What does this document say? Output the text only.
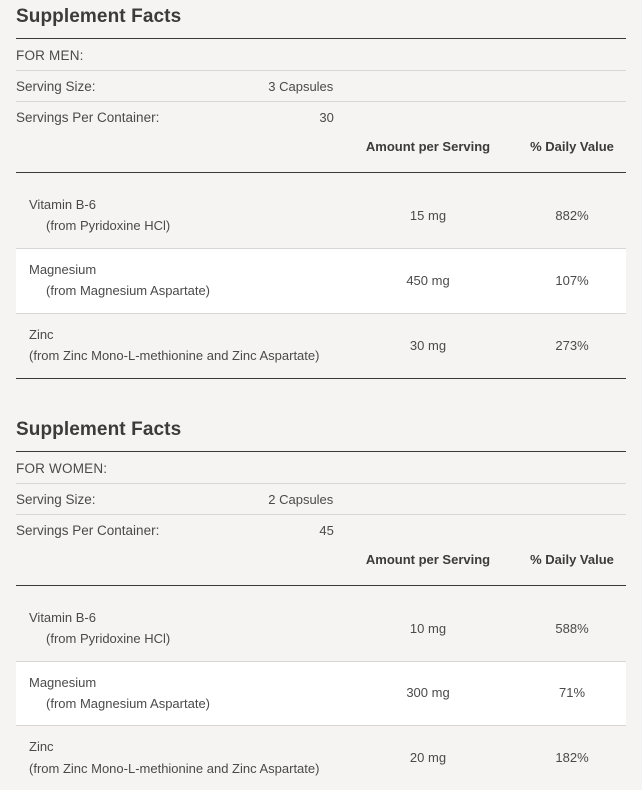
Supplement Facts
FOR MEN:
Serving Size:	3 Capsules
Servings Per Container:	30
	Amount per Serving	% Daily Value

Vitamin B-6
(from Pyridoxine HCl)	15 mg	882%

Magnesium
(from Magnesium Aspartate)	450 mg	107%

Zinc
(from Zinc Mono-L-methionine and Zinc Aspartate)	30 mg	273%
Supplement Facts
FOR WOMEN:
Serving Size:	2 Capsules
Servings Per Container:	45
	Amount per Serving	% Daily Value

Vitamin B-6
(from Pyridoxine HCl)	10 mg	588%

Magnesium
(from Magnesium Aspartate)	300 mg	71%

Zinc
(from Zinc Mono-L-methionine and Zinc Aspartate)	20 mg	182%
